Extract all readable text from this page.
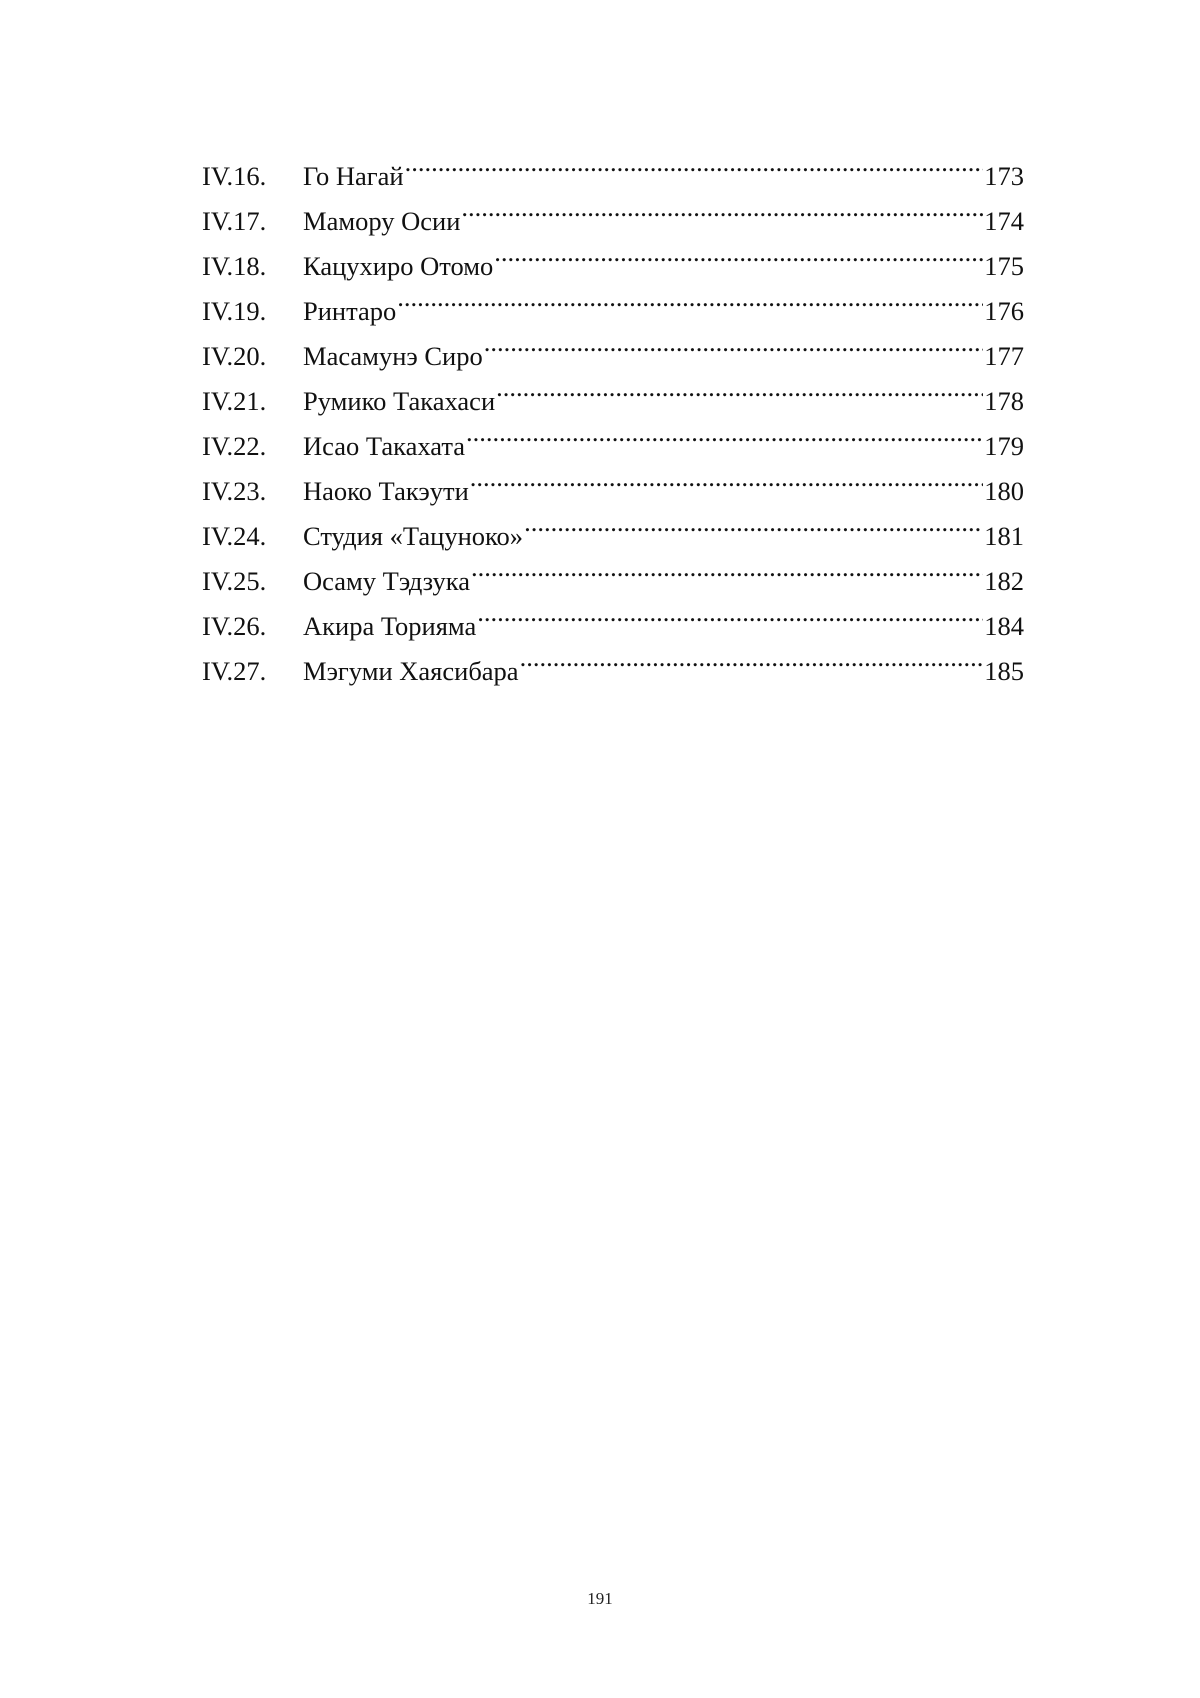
IV.16.	Го Нагай .....	173
IV.17.	Мамору Осии .....	174
IV.18.	Кацухиро Отомо .....	175
IV.19.	Ринтаро .....	176
IV.20.	Масамунэ Сиро .....	177
IV.21.	Румико Такахаси .....	178
IV.22.	Исао Такахата .....	179
IV.23.	Наоко Такэути .....	180
IV.24.	Студия «Тацуноко» .....	181
IV.25.	Осаму Тэдзука .....	182
IV.26.	Акира Торияма .....	184
IV.27.	Мэгуми Хаясибара .....	185
191
